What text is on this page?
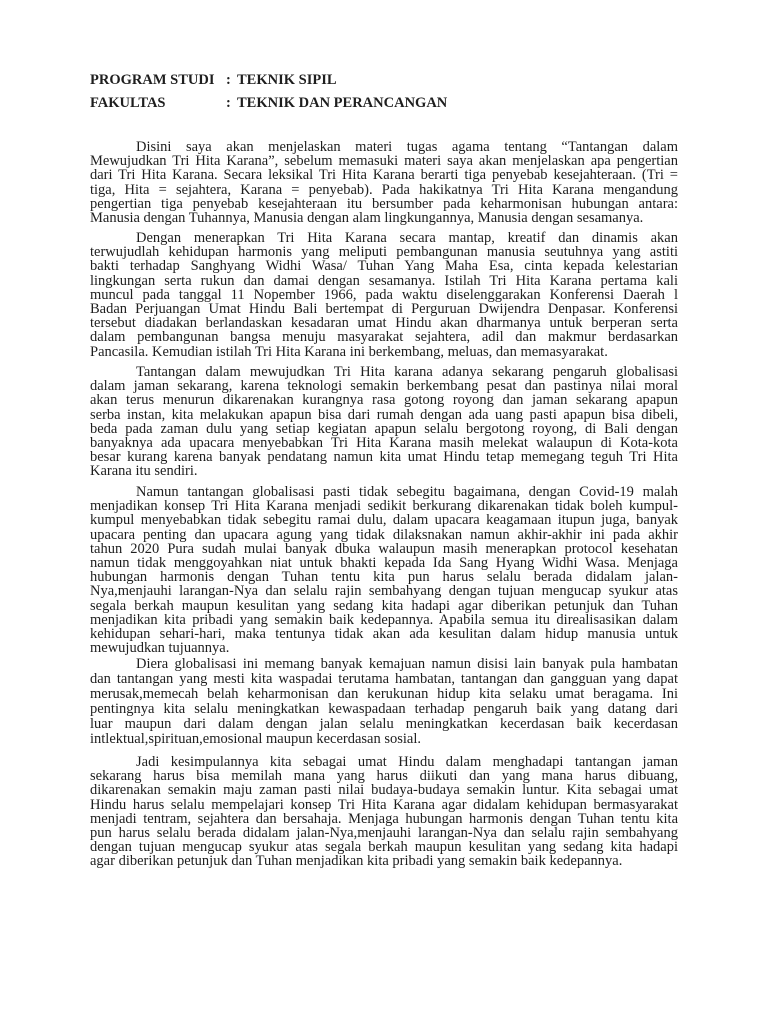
PROGRAM STUDI : TEKNIK SIPIL
FAKULTAS	: TEKNIK DAN PERANCANGAN
Disini saya akan menjelaskan materi tugas agama tentang “Tantangan dalam
Mewujudkan Tri Hita Karana”, sebelum memasuki materi saya akan menjelaskan apa pengertian
dari Tri Hita Karana. Secara leksikal Tri Hita Karana berarti tiga penyebab kesejahteraan. (Tri =
tiga, Hita = sejahtera, Karana = penyebab). Pada hakikatnya Tri Hita Karana mengandung
pengertian tiga penyebab kesejahteraan itu bersumber pada keharmonisan hubungan antara:
Manusia dengan Tuhannya, Manusia dengan alam lingkungannya, Manusia dengan sesamanya.
Dengan menerapkan Tri Hita Karana secara mantap, kreatif dan dinamis akan
terwujudlah kehidupan harmonis yang meliputi pembangunan manusia seutuhnya yang astiti
bakti terhadap Sanghyang Widhi Wasa/ Tuhan Yang Maha Esa, cinta kepada kelestarian
lingkungan serta rukun dan damai dengan sesamanya. Istilah Tri Hita Karana pertama kali
muncul pada tanggal 11 Nopember 1966, pada waktu diselenggarakan Konferensi Daerah l
Badan Perjuangan Umat Hindu Bali bertempat di Perguruan Dwijendra Denpasar. Konferensi
tersebut diadakan berlandaskan kesadaran umat Hindu akan dharmanya untuk berperan serta
dalam pembangunan bangsa menuju masyarakat sejahtera, adil dan makmur berdasarkan
Pancasila. Kemudian istilah Tri Hita Karana ini berkembang, meluas, dan memasyarakat.
Tantangan dalam mewujudkan Tri Hita karana adanya sekarang pengaruh globalisasi
dalam jaman sekarang, karena teknologi semakin berkembang pesat dan pastinya nilai moral
akan terus menurun dikarenakan kurangnya rasa gotong royong dan jaman sekarang apapun
serba instan, kita melakukan apapun bisa dari rumah dengan ada uang pasti apapun bisa dibeli,
beda pada zaman dulu yang setiap kegiatan apapun selalu bergotong royong, di Bali dengan
banyaknya ada upacara menyebabkan Tri Hita Karana masih melekat walaupun di Kota-kota
besar kurang karena banyak pendatang namun kita umat Hindu tetap memegang teguh Tri Hita
Karana itu sendiri.
Namun tantangan globalisasi pasti tidak sebegitu bagaimana, dengan Covid-19 malah
menjadikan konsep Tri Hita Karana menjadi sedikit berkurang dikarenakan tidak boleh kumpul-
kumpul menyebabkan tidak sebegitu ramai dulu, dalam upacara keagamaan itupun juga, banyak
upacara penting dan upacara agung yang tidak dilaksnakan namun akhir-akhir ini pada akhir
tahun 2020 Pura sudah mulai banyak dbuka walaupun masih menerapkan protocol kesehatan
namun tidak menggoyahkan niat untuk bhakti kepada Ida Sang Hyang Widhi Wasa. Menjaga
hubungan harmonis dengan Tuhan tentu kita pun harus selalu berada didalam jalan-
Nya,menjauhi larangan-Nya dan selalu rajin sembahyang dengan tujuan mengucap syukur atas
segala berkah maupun kesulitan yang sedang kita hadapi agar diberikan petunjuk dan Tuhan
menjadikan kita pribadi yang semakin baik kedepannya. Apabila semua itu direalisasikan dalam
kehidupan sehari-hari, maka tentunya tidak akan ada kesulitan dalam hidup manusia untuk
mewujudkan tujuannya.
Diera globalisasi ini memang banyak kemajuan namun disisi lain banyak pula hambatan
dan tantangan yang mesti kita waspadai terutama hambatan, tantangan dan gangguan yang dapat
merusak,memecah belah keharmonisan dan kerukunan hidup kita selaku umat beragama. Ini
pentingnya kita selalu meningkatkan kewaspadaan terhadap pengaruh baik yang datang dari
luar maupun dari dalam dengan jalan selalu meningkatkan kecerdasan baik kecerdasan
intlektual,spirituan,emosional maupun kecerdasan sosial.
Jadi kesimpulannya kita sebagai umat Hindu dalam menghadapi tantangan jaman
sekarang harus bisa memilah mana yang harus diikuti dan yang mana harus dibuang,
dikarenakan semakin maju zaman pasti nilai budaya-budaya semakin luntur. Kita sebagai umat
Hindu harus selalu mempelajari konsep Tri Hita Karana agar didalam kehidupan bermasyarakat
menjadi tentram, sejahtera dan bersahaja. Menjaga hubungan harmonis dengan Tuhan tentu kita
pun harus selalu berada didalam jalan-Nya,menjauhi larangan-Nya dan selalu rajin sembahyang
dengan tujuan mengucap syukur atas segala berkah maupun kesulitan yang sedang kita hadapi
agar diberikan petunjuk dan Tuhan menjadikan kita pribadi yang semakin baik kedepannya.
